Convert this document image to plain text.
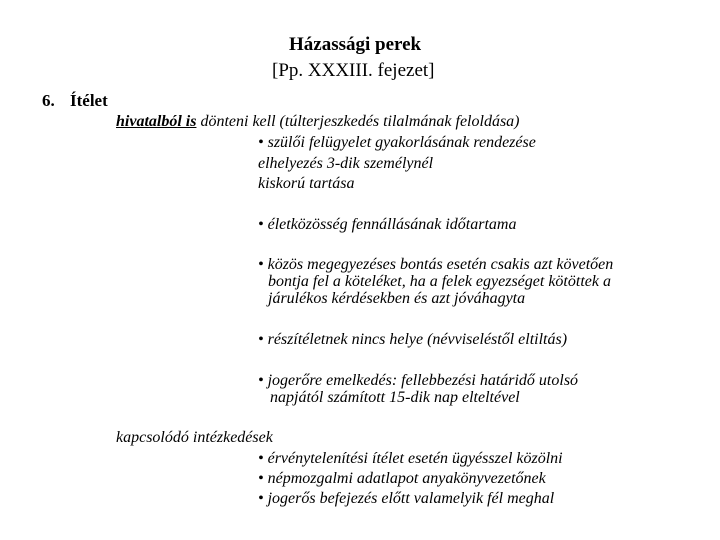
Házassági perek
[Pp. XXXIII. fejezet]
6. Ítélet
hivatalból is dönteni kell (túlterjeszkedés tilalmának feloldása)
• szülői felügyelet gyakorlásának rendezése
elhelyezés 3-dik személynél
kiskorú tartása
• életközösség fennállásának időtartama
• közös megegyezéses bontás esetén csakis azt követően
bontja fel a köteléket, ha a felek egyezséget kötöttek a
járulékos kérdésekben és azt jóváhagyta
• részítéletnek nincs helye (névviseléstől eltiltás)
• jogerőre emelkedés: fellebbezési határidő utolsó
napjától számított 15-dik nap elteltével
kapcsolódó intézkedések
• érvénytelenítési ítélet esetén ügyésszel közölni
• népmozgalmi adatlapot anyakönyvezetőnek
• jogerős befejezés előtt valamelyik fél meghal
